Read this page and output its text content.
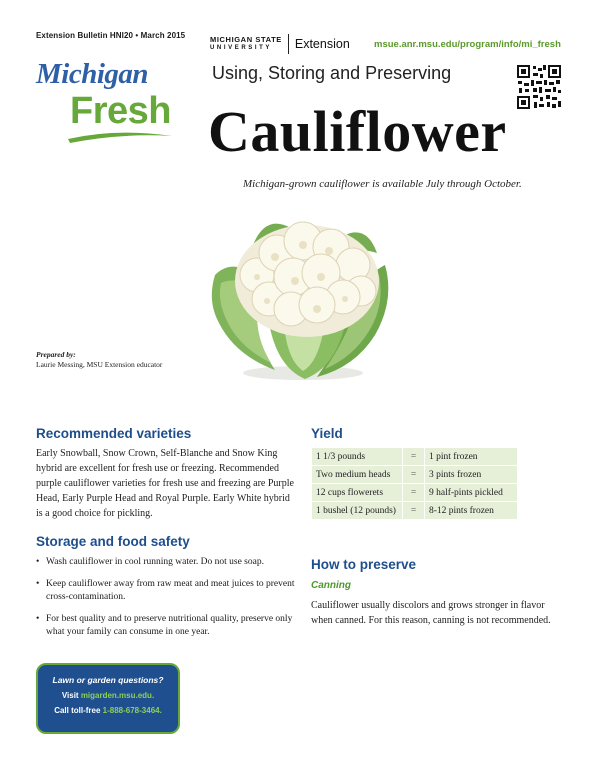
Extension Bulletin HNI20 • March 2015	MICHIGAN STATE
UNIVERSITY	Extension	msue.anr.msu.edu/program/info/mi_fresh
Michigan
Fresh
Using, Storing and Preserving
Cauliflower
Michigan-grown cauliflower is available July through October.
Prepared by:
Laurie Messing, MSU Extension educator
Recommended varieties
Early Snowball, Snow Crown, Self-Blanche and Snow King hybrid are excellent for fresh use or freezing. Recommended purple cauliflower varieties for fresh use and freezing are Purple Head, Early Purple Head and Royal Purple. Early White hybrid is a good choice for pickling.
Storage and food safety
• Wash cauliflower in cool running water. Do not use soap.
• Keep cauliflower away from raw meat and meat juices to prevent cross-contamination.
• For best quality and to preserve nutritional quality, preserve only what your family can consume in one year.
Yield
1 1/3 pounds	=	1 pint frozen
Two medium heads	=	3 pints frozen
12 cups flowerets	=	9 half-pints pickled
1 bushel (12 pounds)	=	8-12 pints frozen
How to preserve
Canning
Cauliflower usually discolors and grows stronger in flavor when canned. For this reason, canning is not recommended.
Lawn or garden questions?
Visit migarden.msu.edu.
Call toll-free 1-888-678-3464.
